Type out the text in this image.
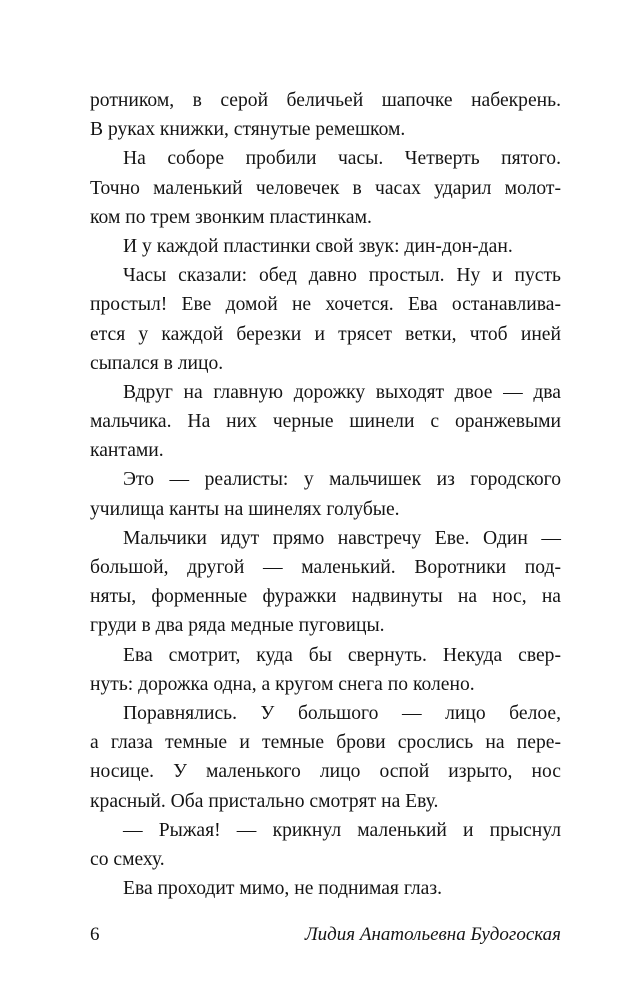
ротником, в серой беличьей шапочке набекрень.
В руках книжки, стянутые ремешком.
На соборе пробили часы. Четверть пятого.
Точно маленький человечек в часах ударил молот-
ком по трем звонким пластинкам.
И у каждой пластинки свой звук: дин-дон-дан.
Часы сказали: обед давно простыл. Ну и пусть
простыл! Еве домой не хочется. Ева останавлива-
ется у каждой березки и трясет ветки, чтоб иней
сыпался в лицо.
Вдруг на главную дорожку выходят двое — два
мальчика. На них черные шинели с оранжевыми
кантами.
Это — реалисты: у мальчишек из городского
училища канты на шинелях голубые.
Мальчики идут прямо навстречу Еве. Один —
большой, другой — маленький. Воротники под-
няты, форменные фуражки надвинуты на нос, на
груди в два ряда медные пуговицы.
Ева смотрит, куда бы свернуть. Некуда свер-
нуть: дорожка одна, а кругом снега по колено.
Поравнялись. У большого — лицо белое,
а глаза темные и темные брови срослись на пере-
носице. У маленького лицо оспой изрыто, нос
красный. Оба пристально смотрят на Еву.
— Рыжая! — крикнул маленький и прыснул
со смеху.
Ева проходит мимо, не поднимая глаз.
6	Лидия Анатольевна Будогоская
